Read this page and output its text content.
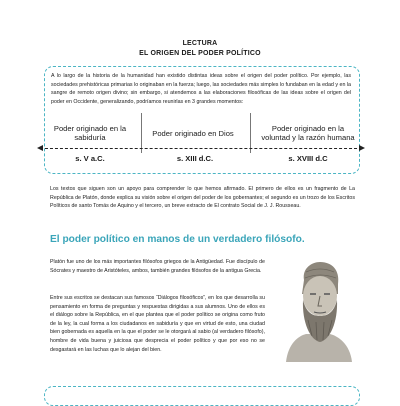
LECTURA
EL ORIGEN DEL PODER POLÍTICO
A lo largo de la historia de la humanidad han existido distintas ideas sobre el origen del poder político. Por ejemplo, las sociedades prehistóricas primarias lo originaban en la fuerza; luego, las sociedades más simples lo fundaban en la edad y en la sangre de remoto origen divino; sin embargo, si atendemos a las elaboraciones filosóficas de las ideas sobre el origen del poder en Occidente, generalizando, podríamos reunirlas en 3 grandes momentos:
Poder originado en la sabiduría	Poder originado en Dios	Poder originado en la voluntad y la razón humana
s. V a.C.	s. XIII d.C.	s. XVIII d.C
Los textos que siguen son un apoyo para comprender lo que hemos afirmado. El primero de ellos es un fragmento de La República de Platón, donde explica su visión sobre el origen del poder de los gobernantes; el segundo es un trozo de los Escritos Políticos de santo Tomás de Aquino y el tercero, un breve extracto de El contrato Social de J. J. Rousseau.
El poder político en manos de un verdadero filósofo.
Platón fue uno de los más importantes filósofos griegos de la Antigüedad. Fue discípulo de Sócrates y maestro de Aristóteles, ambos, también grandes filósofos de la antigua Grecia.
Entre sus escritos se destacan sus famosos “Diálogos filosóficos”, en los que desarrolla su pensamiento en forma de preguntas y respuestas dirigidas a sus alumnos. Uno de ellos es el diálogo sobre la República, en el que plantea que el poder político se origina como fruto de la ley, la cual forma a los ciudadanos en sabiduría y que en virtud de esto, una ciudad bien gobernada es aquella en la que el poder se le otorgará al sabio (al verdadero filósofo), hombre de vida buena y juiciosa que desprecia el poder político y que por eso no se desgastará en las luchas que lo alejan del bien.
